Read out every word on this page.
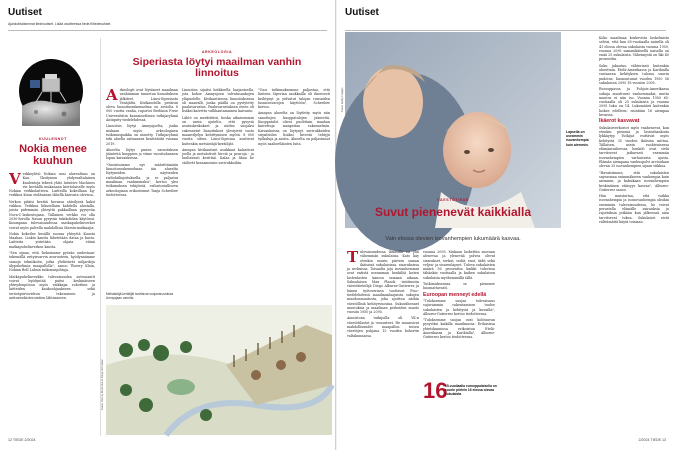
Uutiset
Ajankohtaisimmat tiedeuutiset. Lisää osoitteessa tiede.fi/tiedeuutiset.
KUULENNOT
Nokia menee kuuhun
V erkkoyhtiö Nokian uusi aluevaltaus on Kuu. Yksityinen yhdysvaltalainen kuulentoja tekevä yhtiö Intuitive Machines vie keväällä mukanaan kiertolaiselle myös Nokian verkkolaitteen. Laitteilla kokeillaan 4g-verkkoa Kuun etelänavan lähellä kaivosta olevissa.

Verkon pitäisi kestää kovassa säteilyssä kaksi viikkoa. Verkkoa liikutellaan kahdella alustalla, joista pidemmän yhteyttä pakkaillaan pyysyvän Nova-C-laskeutujaan. Tällainen verkko voi olla 2030-luvulla Nasan pysyvän tukikohdan käytössä. Kuumpana tulevaisuudessa matkapuhelinverkot voivat myös palvella mahdollisia Marsin-matkaajia.

Nokia kokeilee kesällä suoraa yhteyttä Kuusta Maahan. Linkin kautta lähetetään dataa ja kuvia. Laitteita yritetään ohjata etänä matkapuhelinverkon kautta.

"Sen sijaan, että 'kekssimme pyörän uudestaan' tekemällä erityisvarvin avaruuteen, hyödynnämme samoja tekniikoita, jotka yhdistävät miljardeja älypuhelimia maapallolla", sanoo Thierry Klein, Nokian Bell Labsin tutkimusjohtaja.

Matkapuhelinverkko tulevaisuuden astronautit voivat hyödyntää paitsi keskinäiseen yhteydenpitoon myös vaikkapa robottien ja laitteiden kaukoohjaukseen sekä teräväpiirtovideon tekemiseen ja antturirekisterointien lähtimiseen.

ARKEOLOGIA
Siperiasta löytyi maailman vanhin linnoitus
A rkeologit ovat löytäneet maailman vanhimman tunnetun linnoituksen jälkiteet Länsi-Siperiasta Venäjältä. Kivikaudella peräisin oleva linnoitusrakennelma on arviolta 8 000 vuotta vanha, raportoi Berliinin Freie Universitätin kansainvälinen tutkijaryhmä Antiquity-tiedelehdessä.

Linnoitus löytyi Amnyajoelta, jonka mukaan myös arkeologinen tutkimuspaikka on nimetty. Tutkijaryhmä teki aluella rattaanera kenttätöitä vuonna 2019.

Alueelta löytyi puuen varustuksen jäänteitä kuoppien jo viime vuosituhannen lopun kaivauksissa.

"Onnistuimme nyt määrittämään linnoitusrakennelman iän alueelta löytyneiden näytteiden radiohiiliajoituksella, ja se paljastui maailman vanhimmaksi", kertoo yksi tutkimuksen tekijöistä, esihistorialliseen arkeologiaan erikoistunut Tanja Schreiber tiedotteessa.

Linnoitus sijaitsi heikkeella harjanteella, jota kohoe Amnyajoen tulvatasankojen yläpuolelle. Kivikautisessa linnoituksessa oli maavalli, jonka päällä on pystytetty paaluvarustus. Paaluvarustuksen eteen oli lisäksi kaivettu vallihautamainen kaivanto.

Lähtö on merkittävä, koska aikaisemmin on usein ajateltu, että pysyviä asutuskeskukset ja niiden suojaksi rakennetut linnoitukset ylestyivät vasta maanviljelyn kehittymisen myötä. 8 000 vuotta sitten Länsi-Siperiaa asuttivat kuitenkin metsästäjä-keräilijät.

Amnyan kivikautiset asukkaat kalastivat joella ja metsästivät hirviä ja peuroja - ja luultavasti kerittää. Kalaa ja lihaa he säilövät keraameisiin savirukkoihin.

"Uusi tutkimuksemme paljastaa, että länteen Siperian asukkailla oli ilmeisesti keihtynyt ja pelvatut talojan runsaiden luonnonvarojen käyttöön", Schreiber kertoo.

Amnyan alueelta on löydetty myös niin sanottujen kuoppatalojen jäänteitä. Kuoppatalot olivat puolittain maahan kaivettuja maapeitaa rakennelmia. Kaivauksissa on löytynyt savirukkoiden sirpaleiden lisäksi kivestä tehtyjä työkaluja ja aseita. Alueelta on paljastunut myös saalisetläinten luita.

Metsästäjä-keräilijät tarvitsivat suojavarustuksia Amnyajaan varrella.
Kuva: Henny Piezonka & Tanja Schreiber
12 TIEDE 2/2024
Uutiset
Lapsella on useammin isovanhempia kuin aiemmin.
Kuva: Getty Images
VÄESTÖTIEDE
Suvut pienenevät kaikkialla
Vain elossa olevien isovanhempien lukumäärä kasvaa.
T ulevaisuudessa ihmisillä on yhä vähemmän sukulaisia. Kato käy etenkin suurin piirtein saman ikäisissä sukulaisissa, sisaruksissa ja serkuissa. Toisaalta joja isovanhemmat ovat entistä useamman henkilöä lasten lastenlasten kanssa samaan aikaan. Saksalaisen Max Planck -instituutin väestötieteilijä Diego Alburez-Gutierrez ja hänen työtoverinsa tuottavat Proc-tiedelehdessä maailmanlaajuista sukujen muodonmuutosta, joka ajoittuu näihin väestöllisiä kehitysvuosina. Sukuvähennet muutoksia ja maailman perheiden muoto vuosiin 1950 ja 2095.

Aineistona tutkijoilla oli YK:n väestötilastot ja -ennusteet. He muunsivat mahdollisuudet maapallon toisen väestöjen pohjana 15 vuoden kohortin valtakunnassa.

vuonna 2095. Mukaan laskettiin suoraan alenevaa ja ylenevää polvea olevat sisarukset, serkut, sedät, enot, tädit sekä veljen- ja sisarenlapset. Tuleva sukulaisten määrä 56 prosenttia kaikki tulevissa tähänkin vuotiaalla ja kaiken sukulaisen sukulaisia myöhemmällä iällä.

Tutkimukseensa se pienenee huomattavasti.

Euroopan menneyt edellä

"Tuloksemme suojan tulevaisuus sujuvammin rakentamisen tuulee sukulaisten ja kehitystä ja kuvailla", Alburez-Gutierrez kertoo tiedotteessa.

"Tuloksemme suojan ovat kohtuuvan pysyviksi kaikilla maailmassa. Erilaisissa yhteiskunnissa erikoistuu Etelä-Amerikassa ja Karibialla", Alburez-Gutierrez kertoo tiedotteessa.

16
65-vuotiaalla eurooppalaisella on suurin piirtein 16 elossa olevaa sukulaista.

Koko maailmaa koskevista laskelmista selvisi, että kun 65-vuotiaalla naisella oli 41 elossa olevaa sukulaista vuonna 1950, vuonna 2095 samanikäisellä naisella on enää 25 sukulaista. Vähennystä on liki 40 prosenttia.

Suku jakautuu vähteriasti kuitenkin alueittain. Etelä-Amerikassa ja Karibialla vastaavan kehityksen tulossa suurin pudotus, huonontunut vuoden 1950 56 sukulaisen 2095 18 vuosien 2095.

Eurooppassa ja Pohjois-Amerikassa sukuja muuttuvat vanhemmaksi, mutta muutos ei niin iso. Vuonna 1950 65-vuotiaalla oli 25 sukulaista ja vuonna 2095 luku on 14. Lukumäärä kuitenkin laskee edelleen: enintään 16 aiempaa luvuissa.

Ikäerot kasvavat

Sukulaisverkostot myös vanhenevat, kun etenkin pienenä ja lastenhankinta lykkäytyy. Tutkijat esittävät myös kehitystä 35 vuoden ikäisien mittaa. Tällaisen, usein ruohteaisessa elämänvaiheessa henkilö ovat vielä tarvitsevat jatkuvasti enemmän isovanhempien varhaisesta ajasta. Elämän aiempana vanhuspolvi arvioidaan olevan 35 isovanhempien sijaan viikkoa.

"Havaitsimme, että sukulaisten sayrasmaa enimmäkseen vanhempia kuin aiemmin, ja kaksikaan isovanhempien keskinäinen etäisyys kasvaa", Alburez-Gutierrez sanoo.

Hän muistuttaa, että vaikka isovanhempia ja isoisovanhempia olisikin enemmän tulevaisuudessa, he voivat perustella elämälle sairauksia ja rajoituksia pitkään kun jälkeensä aina tarvitsevat tukea. Sukulaiset eivät välttämättä käytä toisiaan.

2/2024 TIEDE 13
